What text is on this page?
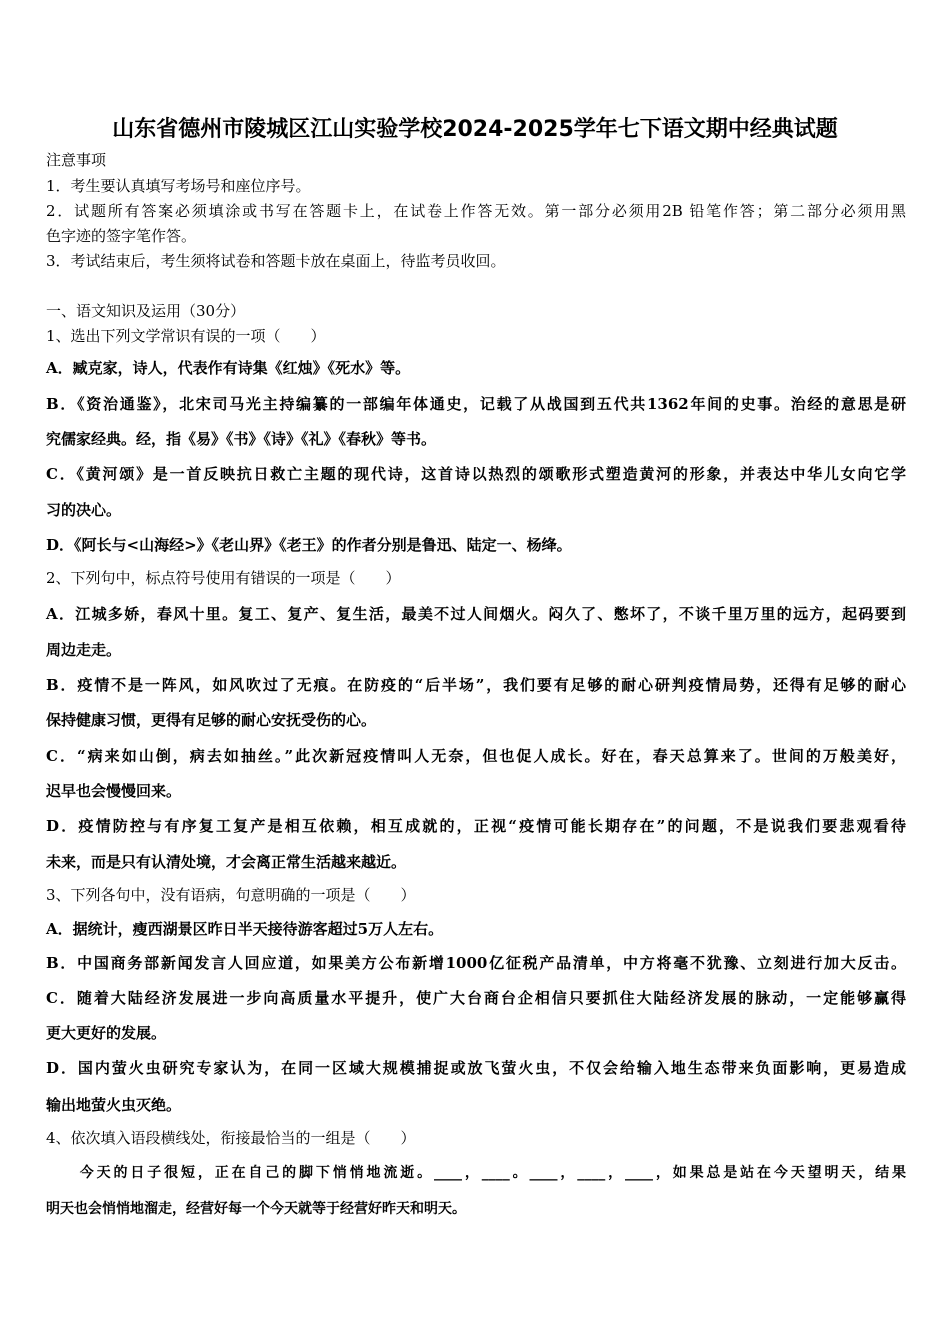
山东省德州市陵城区江山实验学校2024-2025学年七下语文期中经典试题
注意事项
1．考生要认真填写考场号和座位序号。
2．试题所有答案必须填涂或书写在答题卡上，在试卷上作答无效。第一部分必须用2B 铅笔作答；第二部分必须用黑
色字迹的签字笔作答。
3．考试结束后，考生须将试卷和答题卡放在桌面上，待监考员收回。
一、语文知识及运用（30分）
1、选出下列文学常识有误的一项（　　）
A．臧克家，诗人，代表作有诗集《红烛》《死水》等。
B．《资治通鉴》，北宋司马光主持编纂的一部编年体通史，记载了从战国到五代共1362年间的史事。治经的意思是研
究儒家经典。经，指《易》《书》《诗》《礼》《春秋》等书。
C．《黄河颂》是一首反映抗日救亡主题的现代诗，这首诗以热烈的颂歌形式塑造黄河的形象，并表达中华儿女向它学
习的决心。
D．《阿长与<山海经>》《老山界》《老王》的作者分别是鲁迅、陆定一、杨绛。
2、下列句中，标点符号使用有错误的一项是（　　）
A．江城多娇，春风十里。复工、复产、复生活，最美不过人间烟火。闷久了、憋坏了，不谈千里万里的远方，起码要到
周边走走。
B．疫情不是一阵风，如风吹过了无痕。在防疫的“后半场”，我们要有足够的耐心研判疫情局势，还得有足够的耐心
保持健康习惯，更得有足够的耐心安抚受伤的心。
C．“病来如山倒，病去如抽丝。”此次新冠疫情叫人无奈，但也促人成长。好在，春天总算来了。世间的万般美好，
迟早也会慢慢回来。
D．疫情防控与有序复工复产是相互依赖，相互成就的，正视“疫情可能长期存在”的问题，不是说我们要悲观看待
未来，而是只有认清处境，才会离正常生活越来越近。
3、下列各句中，没有语病，句意明确的一项是（　　）
A．据统计，瘦西湖景区昨日半天接待游客超过5万人左右。
B．中国商务部新闻发言人回应道，如果美方公布新增1000亿征税产品清单，中方将毫不犹豫、立刻进行加大反击。
C．随着大陆经济发展进一步向高质量水平提升，使广大台商台企相信只要抓住大陆经济发展的脉动，一定能够赢得
更大更好的发展。
D．国内萤火虫研究专家认为，在同一区域大规模捕捉或放飞萤火虫，不仅会给输入地生态带来负面影响，更易造成
输出地萤火虫灭绝。
4、依次填入语段横线处，衔接最恰当的一组是（　　）
　　今天的日子很短，正在自己的脚下悄悄地流逝。____，____。____，____，____，如果总是站在今天望明天，结果
明天也会悄悄地溜走，经营好每一个今天就等于经营好昨天和明天。
